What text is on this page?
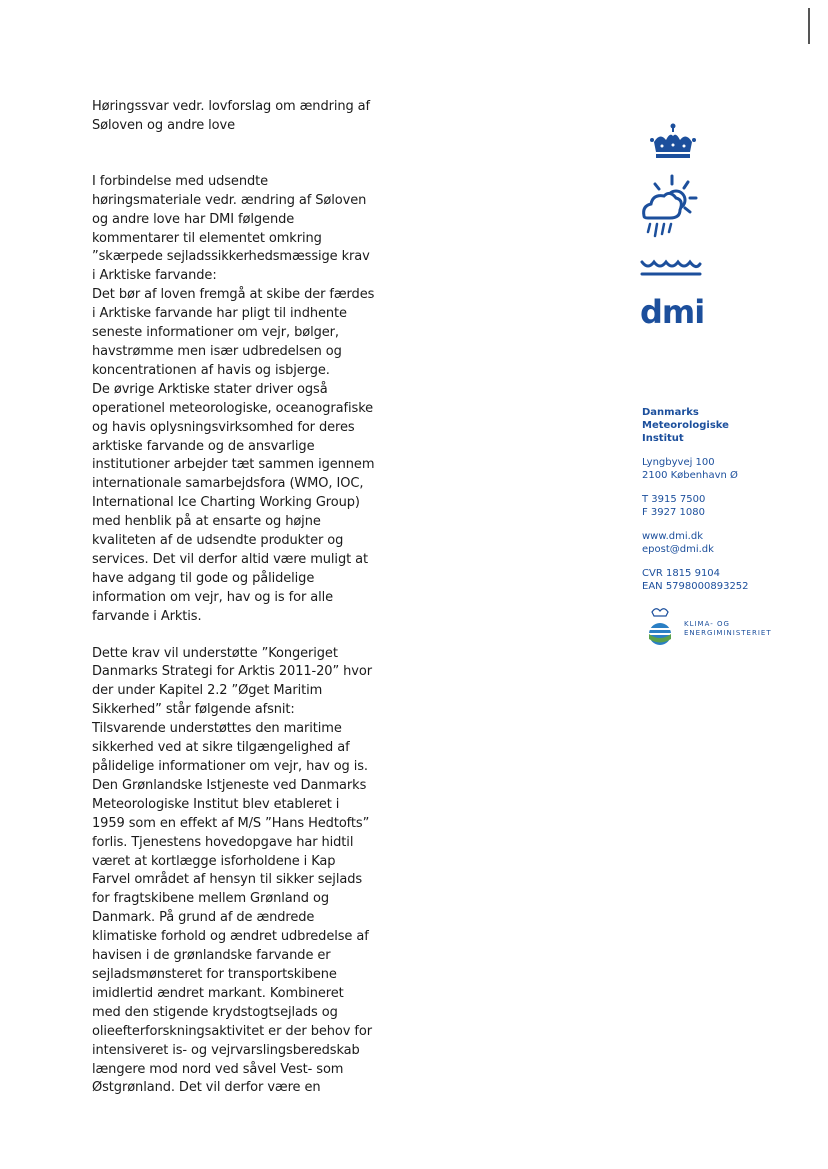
Høringssvar vedr. lovforslag om ændring af
Søloven og andre love
I forbindelse med udsendte
høringsmateriale vedr. ændring af Søloven
og andre love har DMI følgende
kommentarer til elementet omkring
”skærpede sejladssikkerhedsmæssige krav
i Arktiske farvande:
Det bør af loven fremgå at skibe der færdes
i Arktiske farvande har pligt til indhente
seneste informationer om vejr, bølger,
havstrømme men især udbredelsen og
koncentrationen af havis og isbjerge.
De øvrige Arktiske stater driver også
operationel meteorologiske, oceanografiske
og havis oplysningsvirksomhed for deres
arktiske farvande og de ansvarlige
institutioner arbejder tæt sammen igennem
internationale samarbejdsfora (WMO, IOC,
International Ice Charting Working Group)
med henblik på at ensarte og højne
kvaliteten af de udsendte produkter og
services. Det vil derfor altid være muligt at
have adgang til gode og pålidelige
information om vejr, hav og is for alle
farvande i Arktis.
Dette krav vil understøtte ”Kongeriget
Danmarks Strategi for Arktis 2011-20” hvor
der under Kapitel 2.2 ”Øget Maritim
Sikkerhed” står følgende afsnit:
Tilsvarende understøttes den maritime
sikkerhed ved at sikre tilgængelighed af
pålidelige informationer om vejr, hav og is.
Den Grønlandske Istjeneste ved Danmarks
Meteorologiske Institut blev etableret i
1959 som en effekt af M/S ”Hans Hedtofts”
forlis. Tjenestens hovedopgave har hidtil
været at kortlægge isforholdene i Kap
Farvel området af hensyn til sikker sejlads
for fragtskibene mellem Grønland og
Danmark. På grund af de ændrede
klimatiske forhold og ændret udbredelse af
havisen i de grønlandske farvande er
sejladsmønsteret for transportskibene
imidlertid ændret markant. Kombineret
med den stigende krydstogtsejlads og
olieefterforskningsaktivitet er der behov for
intensiveret is- og vejrvarslingsberedskab
længere mod nord ved såvel Vest- som
Østgrønland. Det vil derfor være en
dmi
Danmarks
Meteorologiske
Institut
Lyngbyvej 100
2100 København Ø
T 3915 7500
F 3927 1080
www.dmi.dk
epost@dmi.dk
CVR 1815 9104
EAN 5798000893252
KLIMA- OG
ENERGIMINISTERIET
